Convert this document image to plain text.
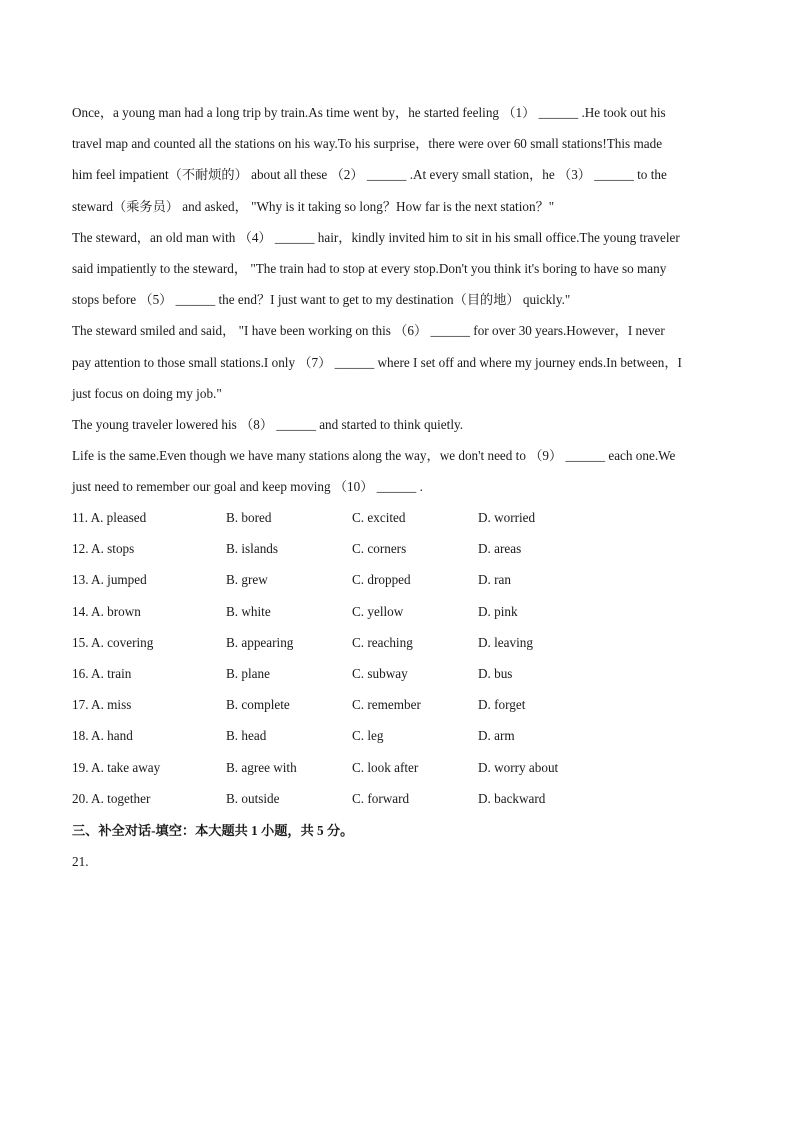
Once，a young man had a long trip by train.As time went by，he started feeling （1） ______ .He took out his
travel map and counted all the stations on his way.To his surprise，there were over 60 small stations!This made
him feel impatient（不耐烦的） about all these （2） ______ .At every small station，he （3） ______ to the
steward（乘务员） and asked， "Why is it taking so long？How far is the next station？"
The steward，an old man with （4） ______ hair，kindly invited him to sit in his small office.The young traveler
said impatiently to the steward， "The train had to stop at every stop.Don't you think it's boring to have so many
stops before （5） ______ the end？I just want to get to my destination（目的地） quickly."
The steward smiled and said， "I have been working on this （6） ______ for over 30 years.However，I never
pay attention to those small stations.I only （7） ______ where I set off and where my journey ends.In between，I
just focus on doing my job."
The young traveler lowered his （8） ______ and started to think quietly.
Life is the same.Even though we have many stations along the way，we don't need to （9） ______ each one.We
just need to remember our goal and keep moving （10） ______ .
11. A. pleased	B. bored	C. excited	D. worried
12. A. stops	B. islands	C. corners	D. areas
13. A. jumped	B. grew	C. dropped	D. ran
14. A. brown	B. white	C. yellow	D. pink
15. A. covering	B. appearing	C. reaching	D. leaving
16. A. train	B. plane	C. subway	D. bus
17. A. miss	B. complete	C. remember	D. forget
18. A. hand	B. head	C. leg	D. arm
19. A. take away	B. agree with	C. look after	D. worry about
20. A. together	B. outside	C. forward	D. backward
三、补全对话-填空：本大题共 1 小题，共 5 分。
21.
